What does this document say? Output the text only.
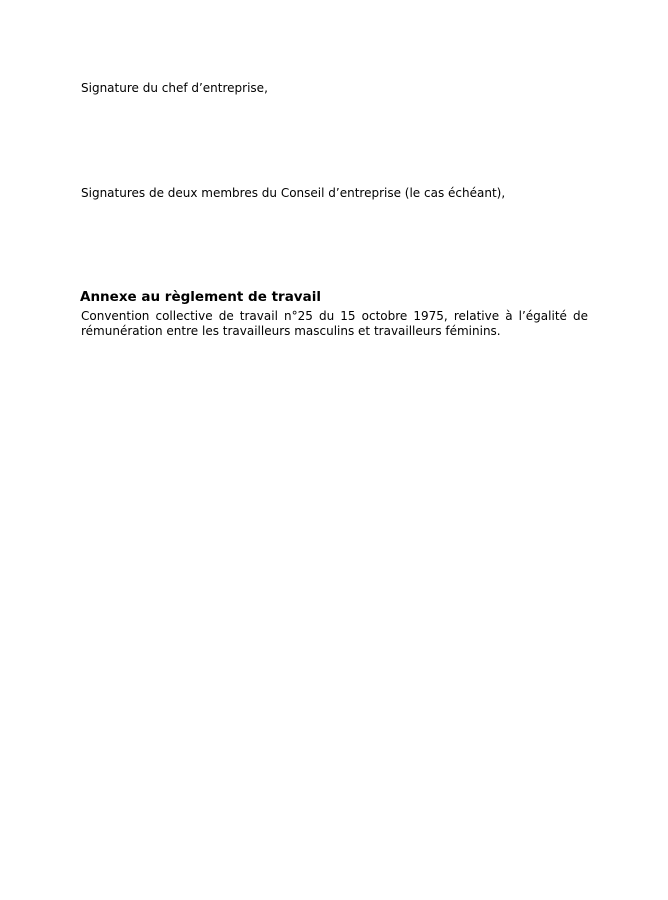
Signature du chef d’entreprise,
Signatures de deux membres du Conseil d’entreprise (le cas échéant),
Annexe au règlement de travail
Convention collective de travail n°25 du 15 octobre 1975, relative à l’égalité de rémunération entre les travailleurs masculins et travailleurs féminins.
